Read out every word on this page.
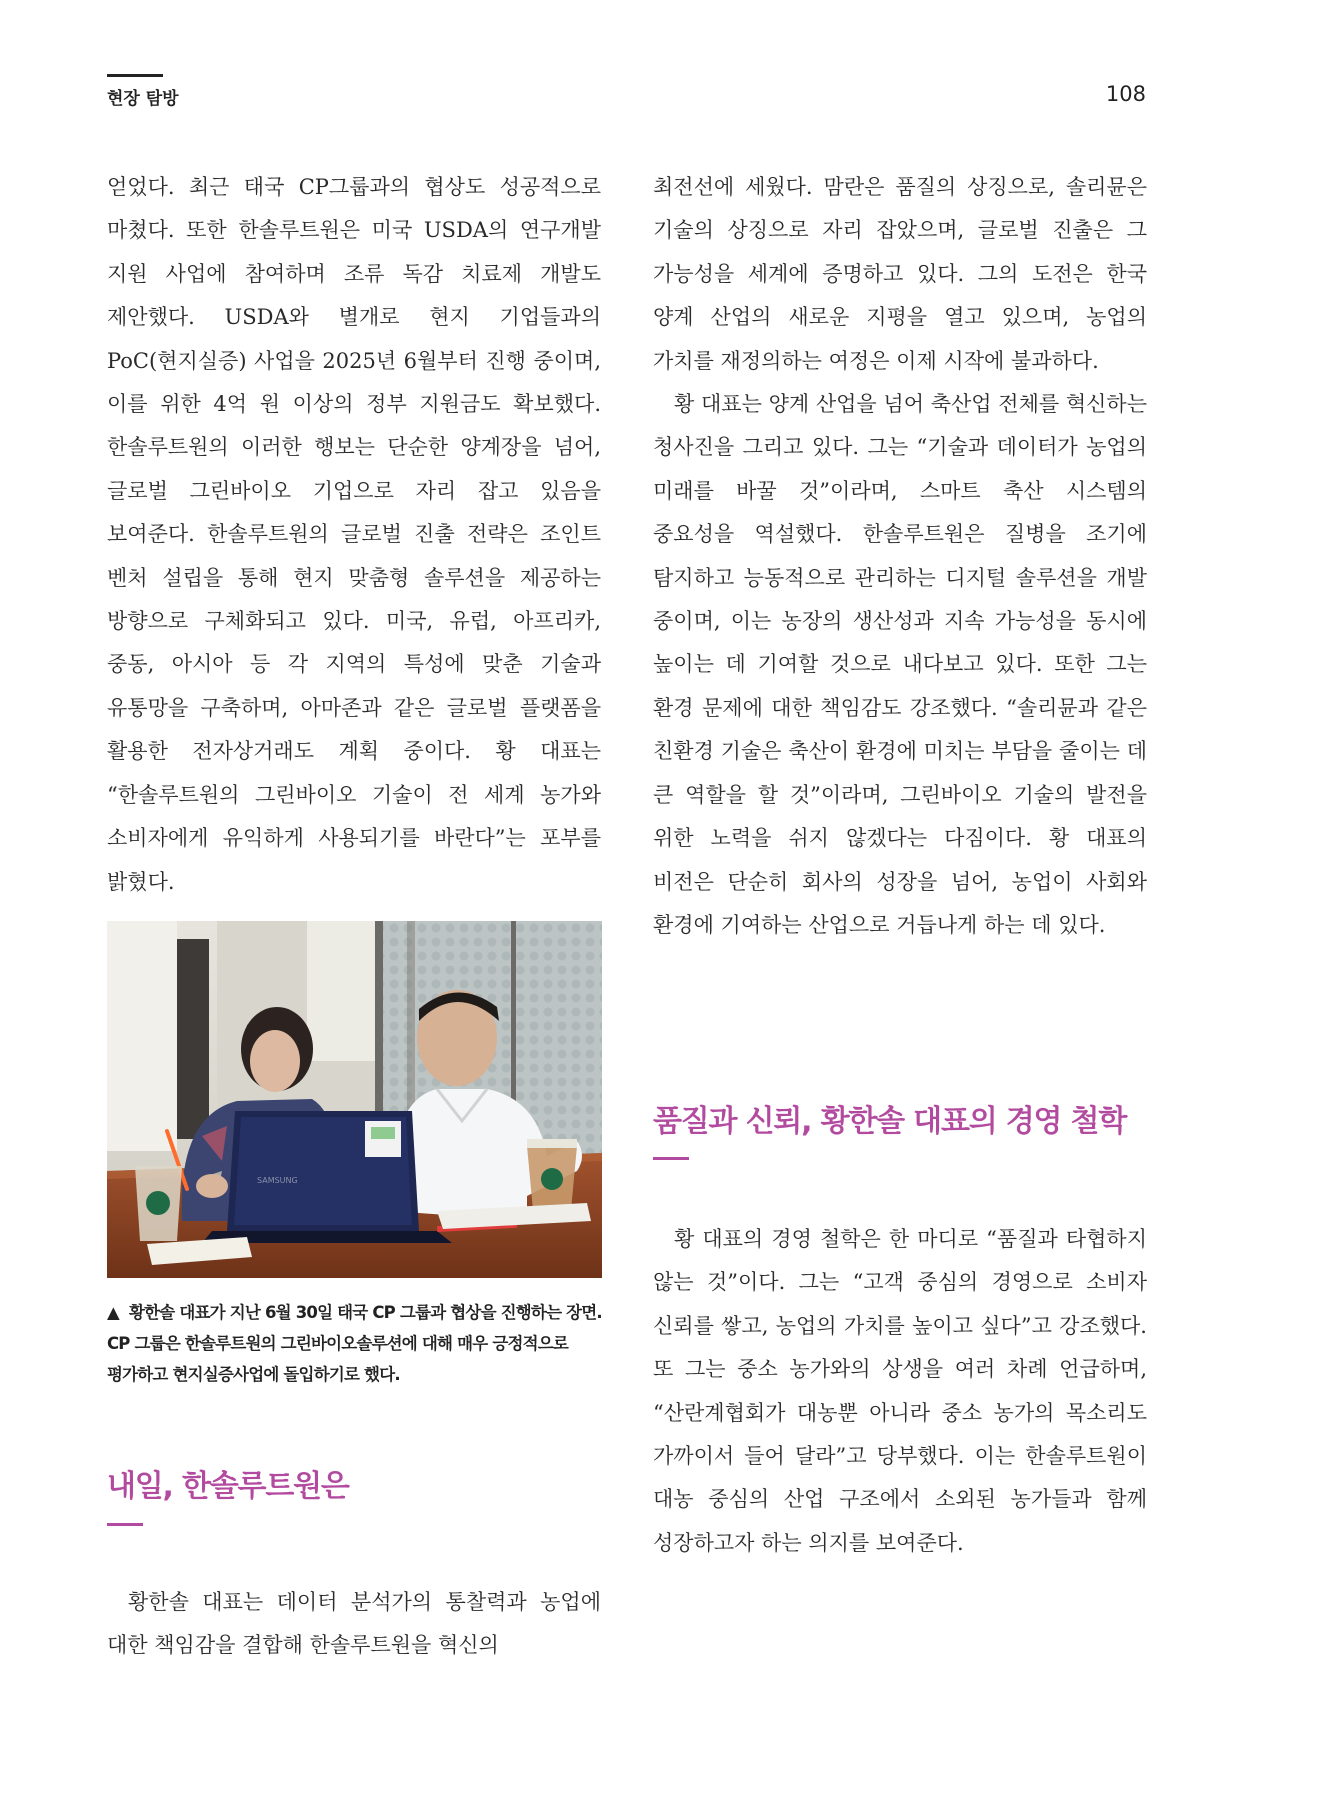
현장 탐방	108

얻었다. 최근 태국 CP그룹과의 협상도 성공적으로 마쳤다. 또한 한솔루트원은 미국 USDA의 연구개발 지원 사업에 참여하며 조류 독감 치료제 개발도 제안했다. USDA와 별개로 현지 기업들과의 PoC(현지실증) 사업을 2025년 6월부터 진행 중이며, 이를 위한 4억 원 이상의 정부 지원금도 확보했다. 한솔루트원의 이러한 행보는 단순한 양계장을 넘어, 글로벌 그린바이오 기업으로 자리 잡고 있음을 보여준다. 한솔루트원의 글로벌 진출 전략은 조인트 벤처 설립을 통해 현지 맞춤형 솔루션을 제공하는 방향으로 구체화되고 있다. 미국, 유럽, 아프리카, 중동, 아시아 등 각 지역의 특성에 맞춘 기술과 유통망을 구축하며, 아마존과 같은 글로벌 플랫폼을 활용한 전자상거래도 계획 중이다. 황 대표는 “한솔루트원의 그린바이오 기술이 전 세계 농가와 소비자에게 유익하게 사용되기를 바란다”는 포부를 밝혔다.

SAMSUNG
▲ 황한솔 대표가 지난 6월 30일 태국 CP 그룹과 협상을 진행하는 장면. CP 그룹은 한솔루트원의 그린바이오솔루션에 대해 매우 긍정적으로 평가하고 현지실증사업에 돌입하기로 했다.
내일, 한솔루트원은

황한솔 대표는 데이터 분석가의 통찰력과 농업에 대한 책임감을 결합해 한솔루트원을 혁신의

최전선에 세웠다. 맘란은 품질의 상징으로, 솔리뮨은 기술의 상징으로 자리 잡았으며, 글로벌 진출은 그 가능성을 세계에 증명하고 있다. 그의 도전은 한국 양계 산업의 새로운 지평을 열고 있으며, 농업의 가치를 재정의하는 여정은 이제 시작에 불과하다.

황 대표는 양계 산업을 넘어 축산업 전체를 혁신하는 청사진을 그리고 있다. 그는 “기술과 데이터가 농업의 미래를 바꿀 것”이라며, 스마트 축산 시스템의 중요성을 역설했다. 한솔루트원은 질병을 조기에 탐지하고 능동적으로 관리하는 디지털 솔루션을 개발 중이며, 이는 농장의 생산성과 지속 가능성을 동시에 높이는 데 기여할 것으로 내다보고 있다. 또한 그는 환경 문제에 대한 책임감도 강조했다. “솔리뮨과 같은 친환경 기술은 축산이 환경에 미치는 부담을 줄이는 데 큰 역할을 할 것”이라며, 그린바이오 기술의 발전을 위한 노력을 쉬지 않겠다는 다짐이다. 황 대표의 비전은 단순히 회사의 성장을 넘어, 농업이 사회와 환경에 기여하는 산업으로 거듭나게 하는 데 있다.

품질과 신뢰, 황한솔 대표의 경영 철학

황 대표의 경영 철학은 한 마디로 “품질과 타협하지 않는 것”이다. 그는 “고객 중심의 경영으로 소비자 신뢰를 쌓고, 농업의 가치를 높이고 싶다”고 강조했다. 또 그는 중소 농가와의 상생을 여러 차례 언급하며, “산란계협회가 대농뿐 아니라 중소 농가의 목소리도 가까이서 들어 달라”고 당부했다. 이는 한솔루트원이 대농 중심의 산업 구조에서 소외된 농가들과 함께 성장하고자 하는 의지를 보여준다.
